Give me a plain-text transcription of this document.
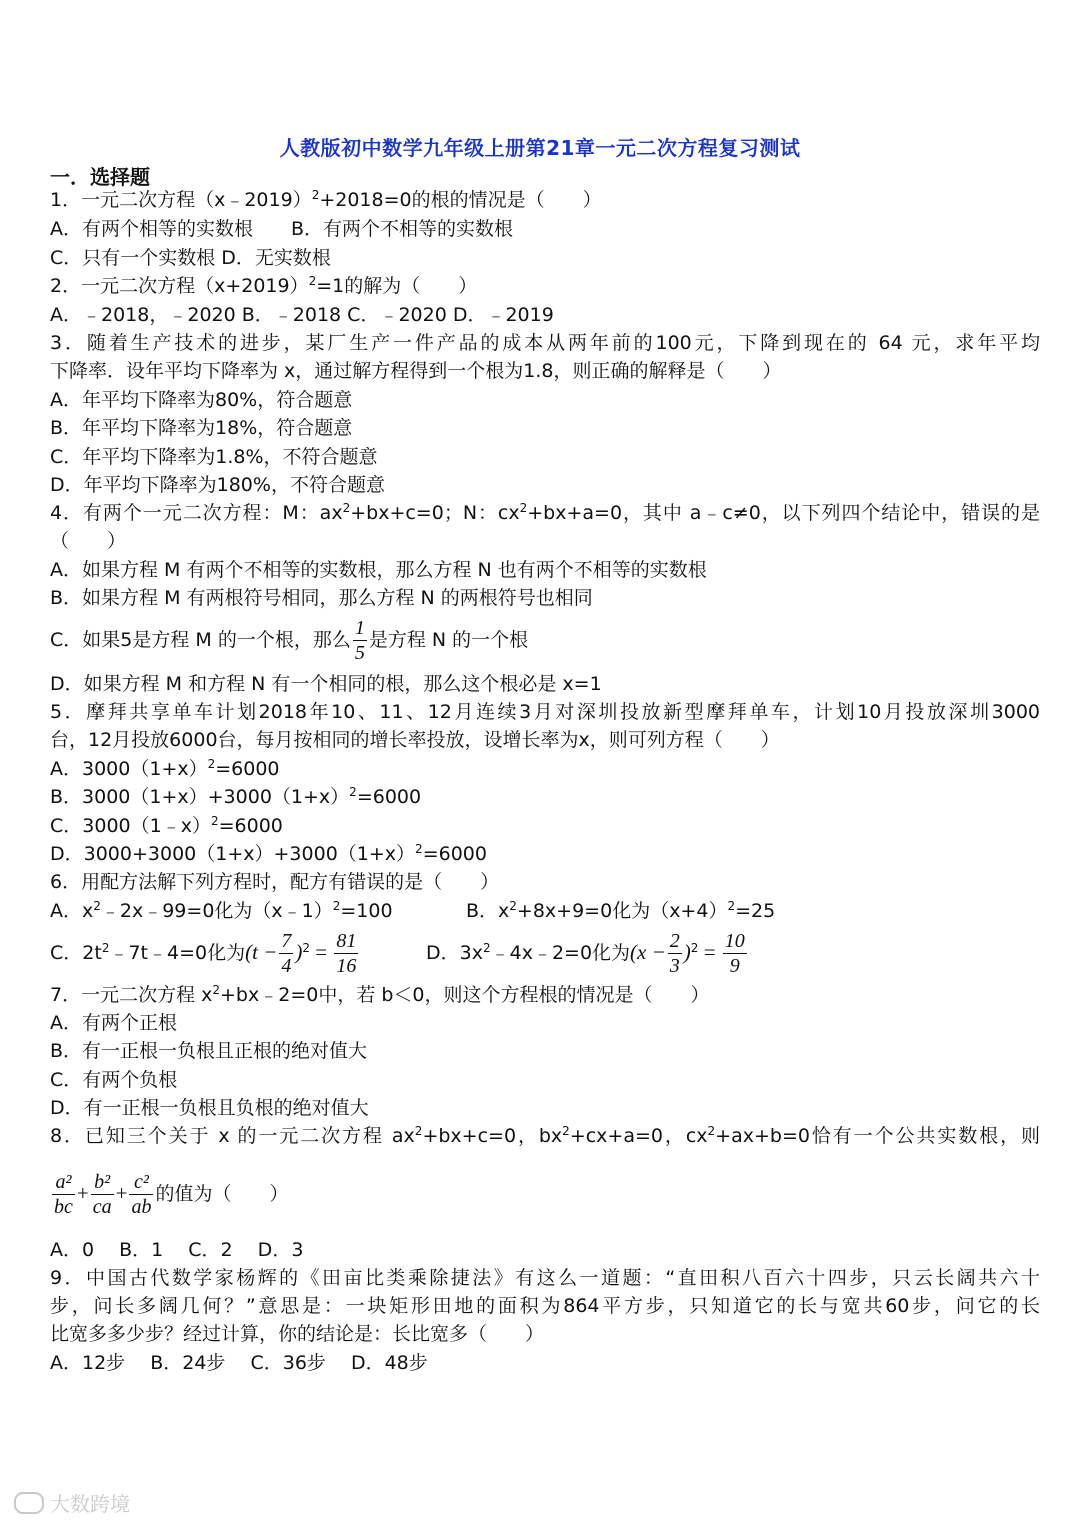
人教版初中数学九年级上册第21章一元二次方程复习测试
一．选择题
1．一元二次方程（x﹣2019）$^2$+2018=0的根的情况是（　　）
A．有两个相等的实数根　　B．有两个不相等的实数根
C．只有一个实数根 D．无实数根
2．一元二次方程$(x+2019)^2=1$的解为（　　）
A．﹣2018，﹣2020 B．﹣2018 C．﹣2020 D．﹣2019
3．随着生产技术的进步，某厂生产一件产品的成本从两年前的100元，下降到现在的 64 元，求年平均
下降率．设年平均下降率为 x，通过解方程得到一个根为1.8，则正确的解释是（　　）
A．年平均下降率为80%，符合题意
B．年平均下降率为18%，符合题意
C．年平均下降率为1.8%，不符合题意
D．年平均下降率为180%，不符合题意
4．有两个一元二次方程：M：$ax^2+bx+c=0$；N：$cx^2+bx+a=0$，其中 a﹣c≠0，以下列四个结论中，错误的是
（　　）
A．如果方程 M 有两个不相等的实数根，那么方程 N 也有两个不相等的实数根
B．如果方程 M 有两根符号相同，那么方程 N 的两根符号也相同
C．如果5是方程 M 的一个根，那么 $\frac{1}{5}$ 是方程 N 的一个根
D．如果方程 M 和方程 N 有一个相同的根，那么这个根必是 x=1
5．摩拜共享单车计划2018年10、11、12月连续3月对深圳投放新型摩拜单车，计划10月投放深圳3000
台，12月投放6000台，每月按相同的增长率投放，设增长率为x，则可列方程（　　）
A．$3000(1+x)^2=6000$
B．$3000(1+x)+3000(1+x)^2=6000$
C．3000（1﹣x）$^2$=6000
D．$3000+3000(1+x)+3000(1+x)^2=6000$
6．用配方法解下列方程时，配方有错误的是（　　）
A．$x^2﹣2x﹣99=0$化为（x﹣1）$^2$=100	B．$x^2+8x+9=0$化为$(x+4)^2=25$
C．$2t^2﹣7t﹣4=0$化为$(t - \frac{7}{4} )^2 = \frac{81}{16}$	D．$3x^2﹣4x﹣2=0$化为$(x - \frac{2}{3} )^2 = \frac{10}{9}$
7．一元二次方程 $x^2+bx﹣2=0$中，若 b＜0，则这个方程根的情况是（　　）
A．有两个正根
B．有一正根一负根且正根的绝对值大
C．有两个负根
D．有一正根一负根且负根的绝对值大
8．已知三个关于 x 的一元二次方程 $ax^2+bx+c=0$，$bx^2+cx+a=0$，$cx^2+ax+b=0$恰有一个公共实数根，则
$\frac{\text{a²}}{bc} + \frac{\text{b²}}{ca} + \frac{\text{c²}}{ab}$ 的值为（　　）
A．0　 B．1　 C．2　 D．3
9．中国古代数学家杨辉的《田亩比类乘除捷法》有这么一道题：“直田积八百六十四步，只云长阔共六十
步，问长多阔几何？”意思是：一块矩形田地的面积为864平方步，只知道它的长与宽共60步，问它的长
比宽多多少步？经过计算，你的结论是：长比宽多（　　）
A．12步　 B．24步　 C．36步　 D．48步
大数跨境
